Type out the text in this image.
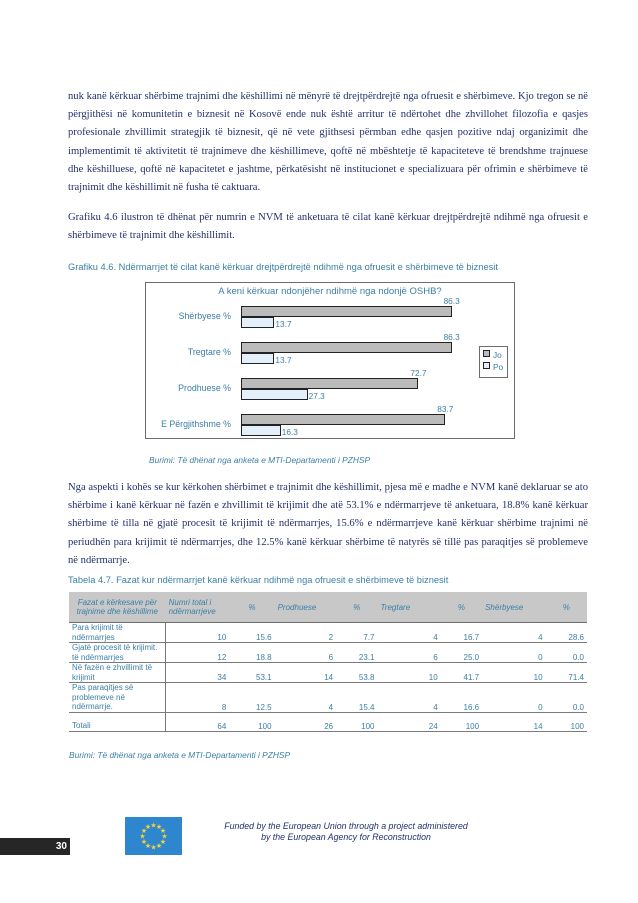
nuk kanë kërkuar shërbime trajnimi dhe këshillimi në mënyrë të drejtpërdrejtë nga ofruesit e shërbimeve. Kjo tregon se në përgjithësi në komunitetin e biznesit në Kosovë ende nuk është arritur të ndërtohet dhe zhvillohet filozofia e qasjes profesionale zhvillimit strategjik të biznesit, që në vete gjithsesi përmban edhe qasjen pozitive ndaj organizimit dhe implementimit të aktivitetit të trajnimeve dhe këshillimeve, qoftë në mbështetje të kapaciteteve të brendshme trajnuese dhe këshilluese, qoftë në kapacitetet e jashtme, përkatësisht në institucionet e specializuara për ofrimin e shërbimeve të trajnimit dhe këshillimit në fusha të caktuara.

Grafiku 4.6 ilustron të dhënat për numrin e NVM të anketuara të cilat kanë kërkuar drejtpërdrejtë ndihmë nga ofruesit e shërbimeve të trajnimit dhe këshillimit.

Grafiku 4.6. Ndërmarrjet të cilat kanë kërkuar drejtpërdrejtë ndihmë nga ofruesit e shërbimeve të biznesit
A keni kërkuar ndonjëher ndihmë nga ndonjë OSHB?
Shërbyese %
86.3
13.7
Tregtare %
86.3
13.7
Prodhuese %
72.7
27.3
E Përgjithshme %
83.7
16.3
Jo
Po
Burimi: Të dhënat nga anketa e MTI-Departamenti i PZHSP

Nga aspekti i kohës se kur kërkohen shërbimet e trajnimit dhe këshillimit, pjesa më e madhe e NVM kanë deklaruar se ato shërbime i kanë kërkuar në fazën e zhvillimit të krijimit dhe atë 53.1% e ndërmarrjeve të anketuara, 18.8% kanë kërkuar shërbime të tilla në gjatë procesit të krijimit të ndërmarrjes, 15.6% e ndërmarrjeve kanë kërkuar shërbime trajnimi në periudhën para krijimit të ndërmarrjes, dhe 12.5% kanë kërkuar shërbime të natyrës së tillë pas paraqitjes së problemeve në ndërmarrje.

Tabela 4.7. Fazat kur ndërmarrjet kanë kërkuar ndihmë nga ofruesit e shërbimeve të biznesit
Fazat e kërkesave për trajnime dhe këshillime	Numri total i ndërmarrjeve	%	Prodhuese	%	Tregtare	%	Shërbyese	%
Para krijimit të ndërmarrjes	10	15.6	2	7.7	4	16.7	4	28.6
Gjatë procesit të krijimit. të ndërmarrjes	12	18.8	6	23.1	6	25.0	0	0.0
Në fazën e zhvillimit të krijimit	34	53.1	14	53.8	10	41.7	10	71.4
Pas paraqitjes së problemeve në ndërmarrje.	8	12.5	4	15.4	4	16.6	0	0.0
Totali	64	100	26	100	24	100	14	100
Burimi: Të dhënat nga anketa e MTI-Departamenti i PZHSP
★
★
★
★
★
★
★
★
★ ★ ★
★	Funded by the European Union through a project administered
by the European Agency for Reconstruction
30
